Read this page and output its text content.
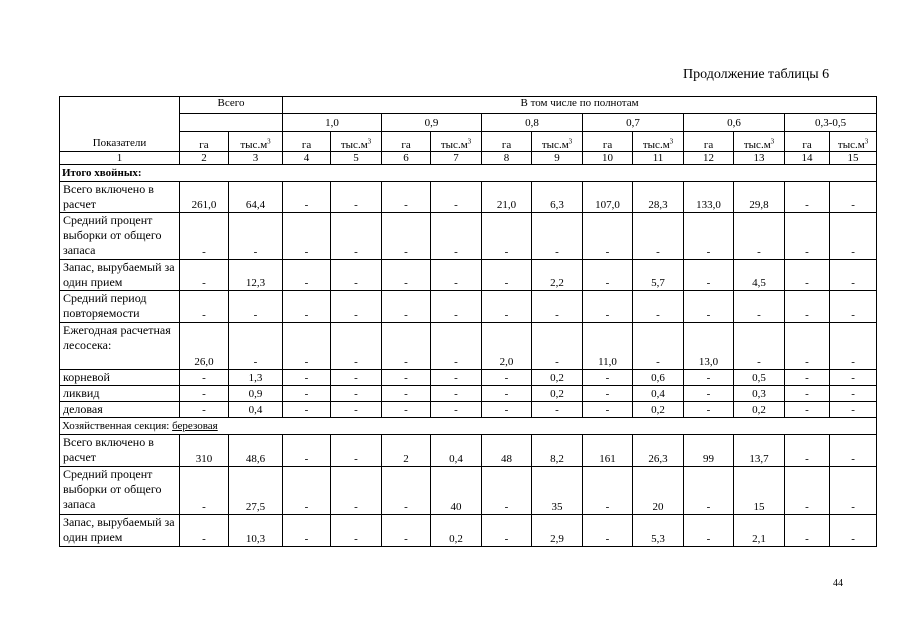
Продолжение таблицы 6
Показатели	Всего		В том числе по полнотам											
			1,0		0,9		0,8		0,7		0,6		0,3-0,5	
	га	$тыс.м^3$	га	$тыс.м^3$	га	$тыс.м^3$	га	$тыс.м^3$	га	$тыс.м^3$	га	$тыс.м^3$	га	$тыс.м^3$
1	2	3	4	5	6	7	8	9	10	11	12	13	14	15
Итого хвойных:														
Всего включено в расчет	261,0	64,4	-	-	-	-	21,0	6,3	107,0	28,3	133,0	29,8	-	-
Средний процент выборки от общего запаса	-	-	-	-	-	-	-	-	-	-	-	-	-	-
Запас, вырубаемый за один прием	-	12,3	-	-	-	-	-	2,2	-	5,7	-	4,5	-	-
Средний период повторяемости	-	-	-	-	-	-	-	-	-	-	-	-	-	-
Ежегодная расчетная лесосека:	26,0	-	-	-	-	-	2,0	-	11,0	-	13,0	-	-	-
корневой	-	1,3	-	-	-	-	-	0,2	-	0,6	-	0,5	-	-
ликвид	-	0,9	-	-	-	-	-	0,2	-	0,4	-	0,3	-	-
деловая	-	0,4	-	-	-	-	-	-	-	0,2	-	0,2	-	-
Хозяйственная секция: березовая														
Всего включено в расчет	310	48,6	-	-	2	0,4	48	8,2	161	26,3	99	13,7	-	-
Средний процент выборки от общего запаса	-	27,5	-	-	-	40	-	35	-	20	-	15	-	-
Запас, вырубаемый за один прием	-	10,3	-	-	-	0,2	-	2,9	-	5,3	-	2,1	-	-
44
